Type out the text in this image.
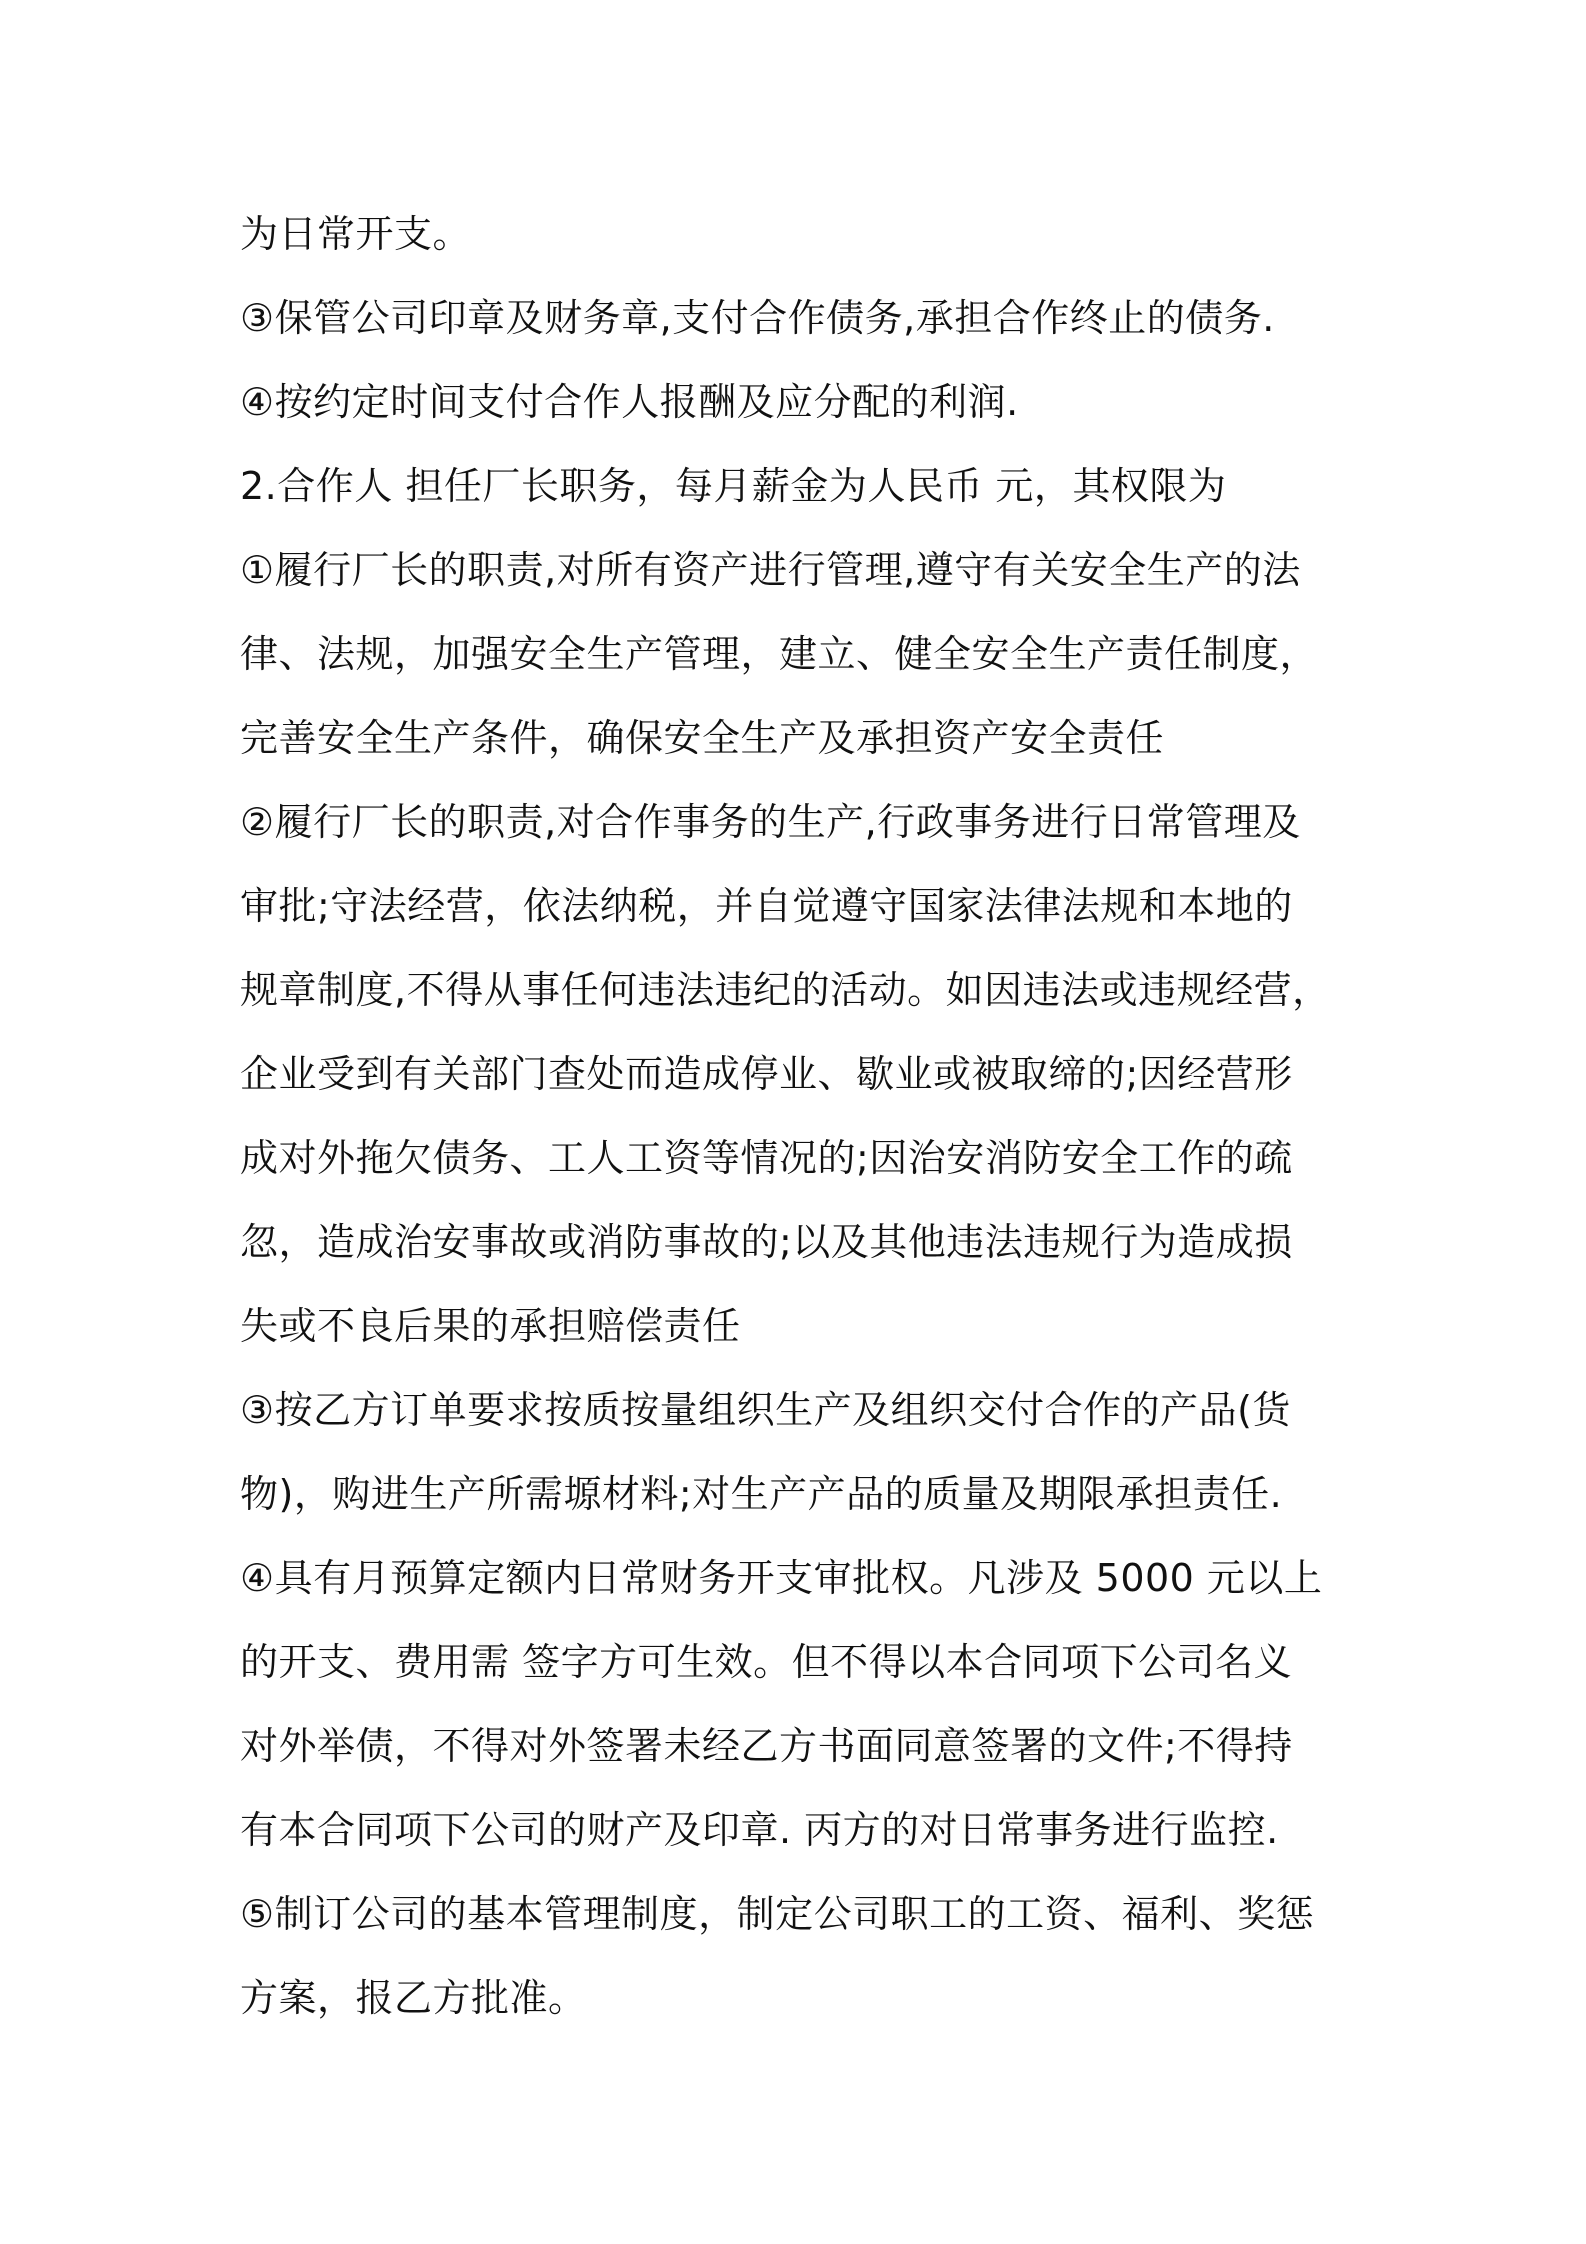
为日常开支。
③保管公司印章及财务章,支付合作债务,承担合作终止的债务.
④按约定时间支付合作人报酬及应分配的利润.
2.合作人 担任厂长职务，每月薪金为人民币 元，其权限为
①履行厂长的职责,对所有资产进行管理,遵守有关安全生产的法
律、法规，加强安全生产管理，建立、健全安全生产责任制度，
完善安全生产条件，确保安全生产及承担资产安全责任
②履行厂长的职责,对合作事务的生产,行政事务进行日常管理及
审批;守法经营，依法纳税，并自觉遵守国家法律法规和本地的
规章制度,不得从事任何违法违纪的活动。如因违法或违规经营，
企业受到有关部门查处而造成停业、歇业或被取缔的;因经营形
成对外拖欠债务、工人工资等情况的;因治安消防安全工作的疏
忽，造成治安事故或消防事故的;以及其他违法违规行为造成损
失或不良后果的承担赔偿责任
③按乙方订单要求按质按量组织生产及组织交付合作的产品(货
物)，购进生产所需塬材料;对生产产品的质量及期限承担责任.
④具有月预算定额内日常财务开支审批权。凡涉及 5000 元以上
的开支、费用需 签字方可生效。但不得以本合同项下公司名义
对外举债，不得对外签署未经乙方书面同意签署的文件;不得持
有本合同项下公司的财产及印章. 丙方的对日常事务进行监控.
⑤制订公司的基本管理制度，制定公司职工的工资、福利、奖惩
方案，报乙方批准。
